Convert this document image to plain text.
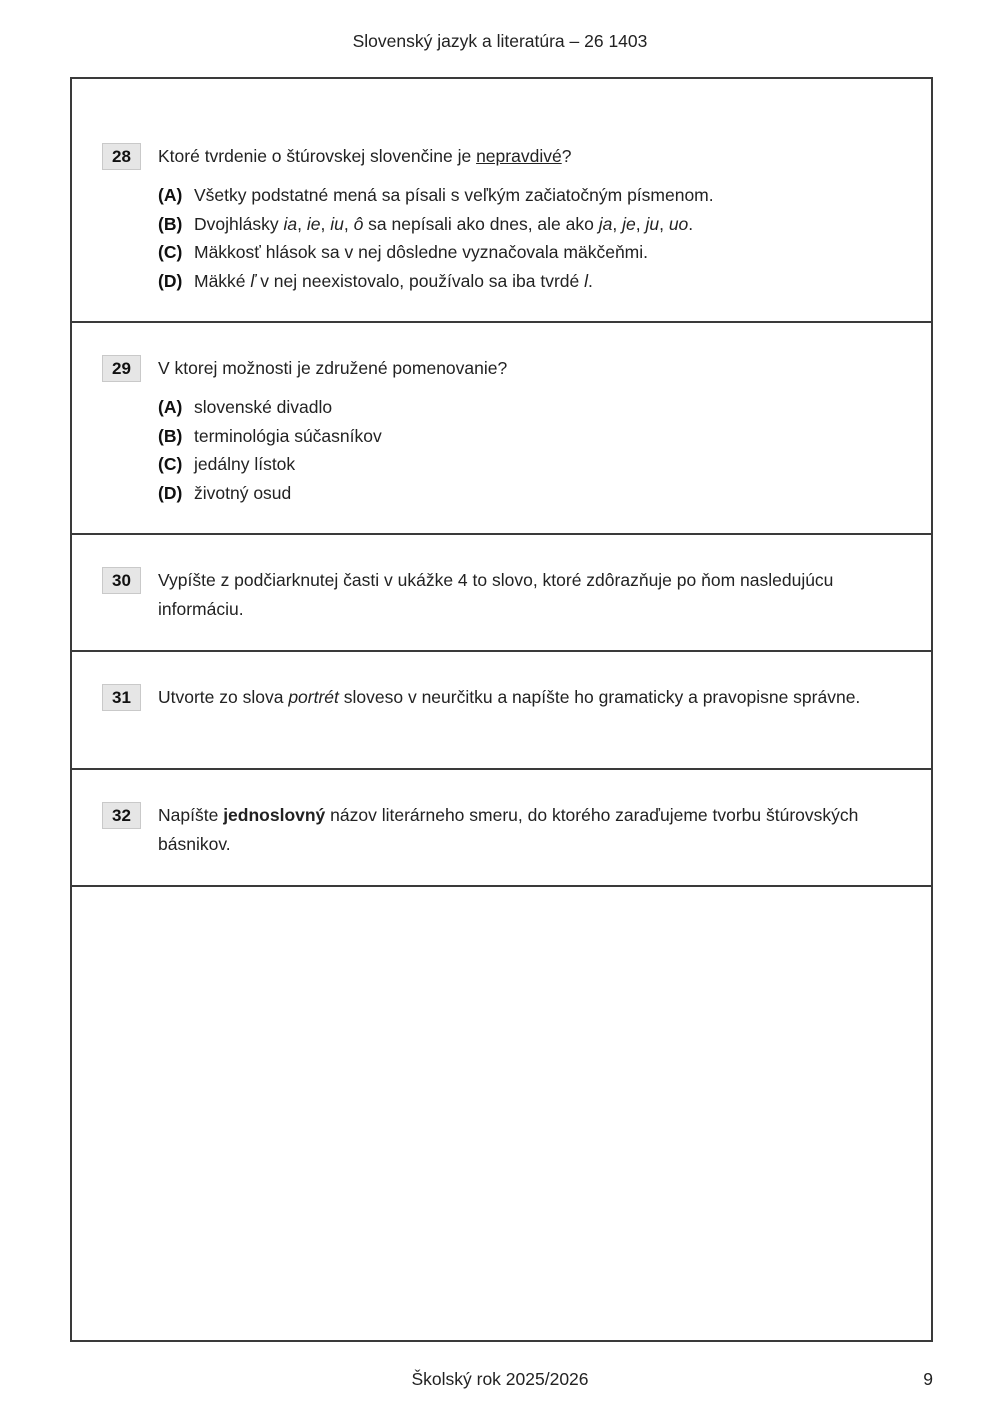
Slovenský jazyk a literatúra – 26 1403
28	Ktoré tvrdenie o štúrovskej slovenčine je nepravdivé?
(A) Všetky podstatné mená sa písali s veľkým začiatočným písmenom.
(B) Dvojhlásky ia, ie, iu, ô sa nepísali ako dnes, ale ako ja, je, ju, uo.
(C) Mäkkosť hlások sa v nej dôsledne vyznačovala mäkčeňmi.
(D) Mäkké ľ v nej neexistovalo, používalo sa iba tvrdé l.
29	V ktorej možnosti je združené pomenovanie?
(A) slovenské divadlo
(B) terminológia súčasníkov
(C) jedálny lístok
(D) životný osud
30	Vypíšte z podčiarknutej časti v ukážke 4 to slovo, ktoré zdôrazňuje po ňom nasledujúcu informáciu.
31	Utvorte zo slova portrét sloveso v neurčitku a napíšte ho gramaticky a pravopisne správne.
32	Napíšte jednoslovný názov literárneho smeru, do ktorého zaraďujeme tvorbu štúrovských básnikov.
Školský rok 2025/2026	9
